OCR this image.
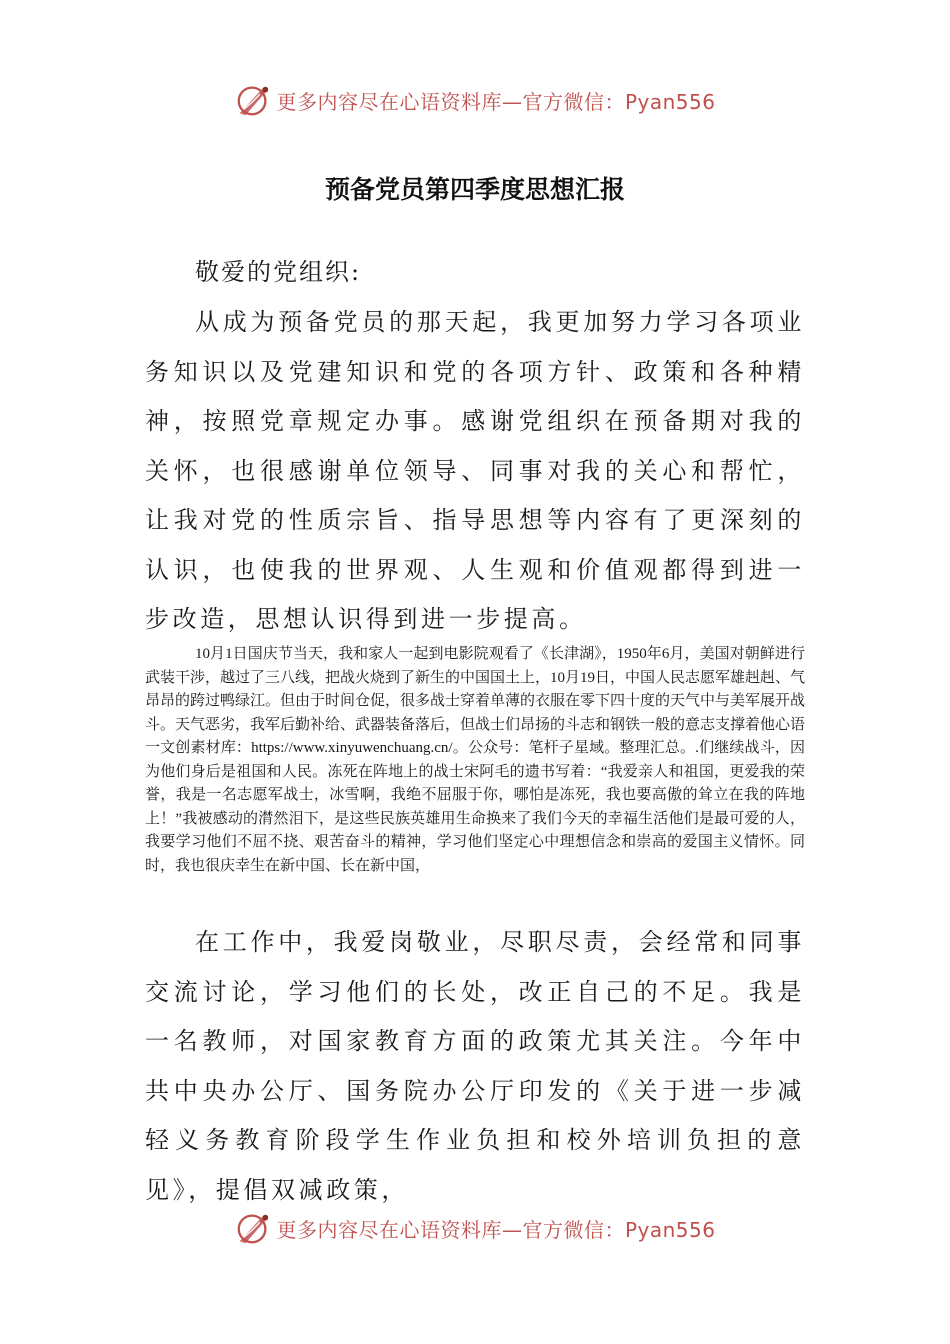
更多内容尽在心语资料库—官方微信：Pyan556
预备党员第四季度思想汇报

敬爱的党组织:

从成为预备党员的那天起，我更加努力学习各项业务知识以及党建知识和党的各项方针、政策和各种精神，按照党章规定办事。感谢党组织在预备期对我的关怀，也很感谢单位领导、同事对我的关心和帮忙，让我对党的性质宗旨、指导思想等内容有了更深刻的认识，也使我的世界观、人生观和价值观都得到进一步改造，思想认识得到进一步提高。

10月1日国庆节当天，我和家人一起到电影院观看了《长津湖》，1950年6月，美国对朝鲜进行武装干涉，越过了三八线，把战火烧到了新生的中国国土上，10月19日，中国人民志愿军雄赳赳、气昂昂的跨过鸭绿江。但由于时间仓促，很多战士穿着单薄的衣服在零下四十度的天气中与美军展开战斗。天气恶劣，我军后勤补给、武器装备落后，但战士们昂扬的斗志和钢铁一般的意志支撑着他心语一文创素材库：https://www.xinyuwenchuang.cn/。公众号：笔杆子星域。整理汇总。.们继续战斗，因为他们身后是祖国和人民。冻死在阵地上的战士宋阿毛的遗书写着：“我爱亲人和祖国，更爱我的荣誉，我是一名志愿军战士，冰雪啊，我绝不屈服于你，哪怕是冻死，我也要高傲的耸立在我的阵地上！”我被感动的潸然泪下，是这些民族英雄用生命换来了我们今天的幸福生活他们是最可爱的人，我要学习他们不屈不挠、艰苦奋斗的精神，学习他们坚定心中理想信念和崇高的爱国主义情怀。同时，我也很庆幸生在新中国、长在新中国，

在工作中，我爱岗敬业，尽职尽责，会经常和同事交流讨论，学习他们的长处，改正自己的不足。我是一名教师，对国家教育方面的政策尤其关注。今年中共中央办公厅、国务院办公厅印发的《关于进一步减轻义务教育阶段学生作业负担和校外培训负担的意见》，提倡双减政策，

更多内容尽在心语资料库—官方微信：Pyan556
